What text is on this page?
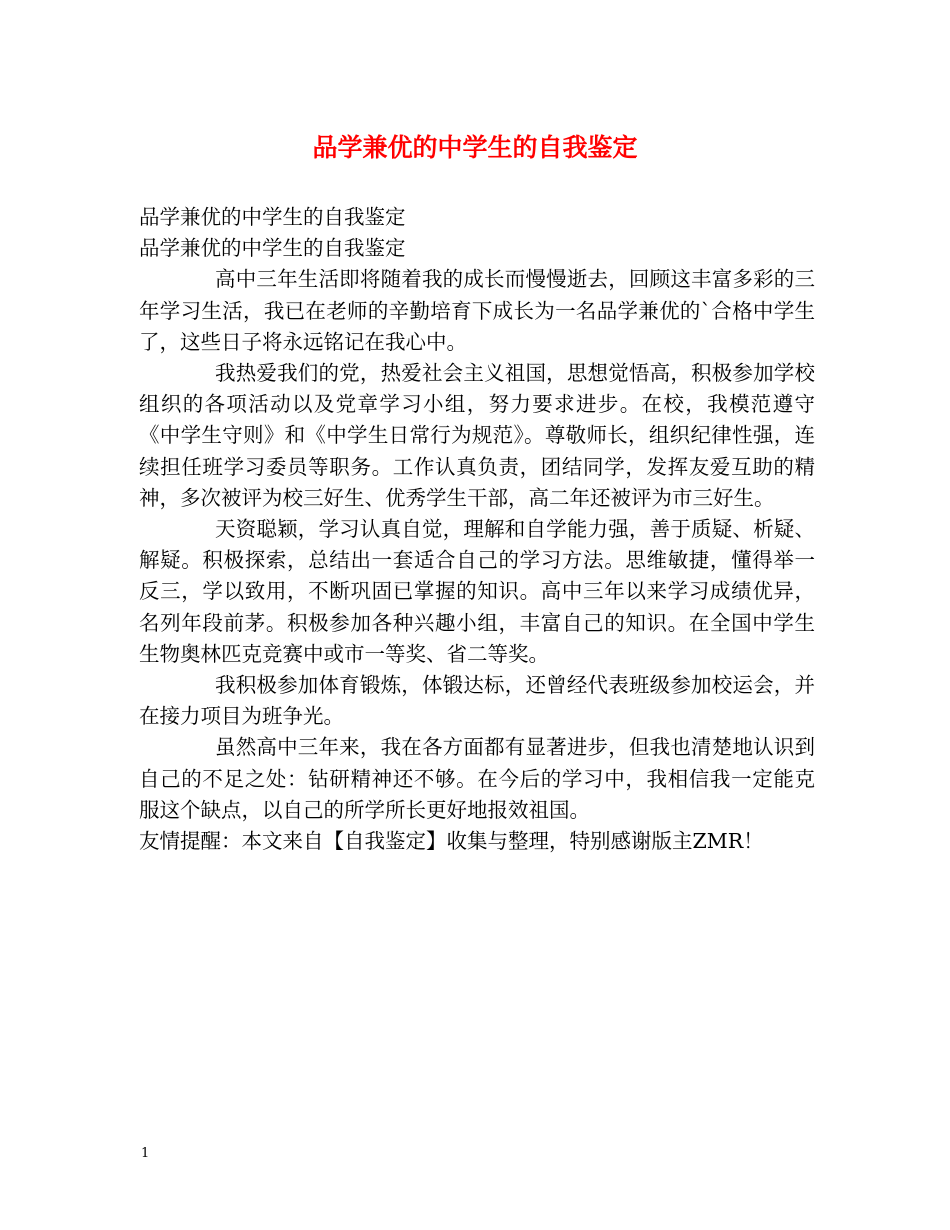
品学兼优的中学生的自我鉴定

品学兼优的中学生的自我鉴定

品学兼优的中学生的自我鉴定

高中三年生活即将随着我的成长而慢慢逝去，回顾这丰富多彩的三年学习生活，我已在老师的辛勤培育下成长为一名品学兼优的`合格中学生了，这些日子将永远铭记在我心中。

我热爱我们的党，热爱社会主义祖国，思想觉悟高，积极参加学校组织的各项活动以及党章学习小组，努力要求进步。在校，我模范遵守《中学生守则》和《中学生日常行为规范》。尊敬师长，组织纪律性强，连续担任班学习委员等职务。工作认真负责，团结同学，发挥友爱互助的精神，多次被评为校三好生、优秀学生干部，高二年还被评为市三好生。

天资聪颖，学习认真自觉，理解和自学能力强，善于质疑、析疑、解疑。积极探索，总结出一套适合自己的学习方法。思维敏捷，懂得举一反三，学以致用，不断巩固已掌握的知识。高中三年以来学习成绩优异，名列年段前茅。积极参加各种兴趣小组，丰富自己的知识。在全国中学生生物奥林匹克竞赛中或市一等奖、省二等奖。

我积极参加体育锻炼，体锻达标，还曾经代表班级参加校运会，并在接力项目为班争光。

虽然高中三年来，我在各方面都有显著进步，但我也清楚地认识到自己的不足之处：钻研精神还不够。在今后的学习中，我相信我一定能克服这个缺点，以自己的所学所长更好地报效祖国。

友情提醒：本文来自【自我鉴定】收集与整理，特别感谢版主ZMR！

1
